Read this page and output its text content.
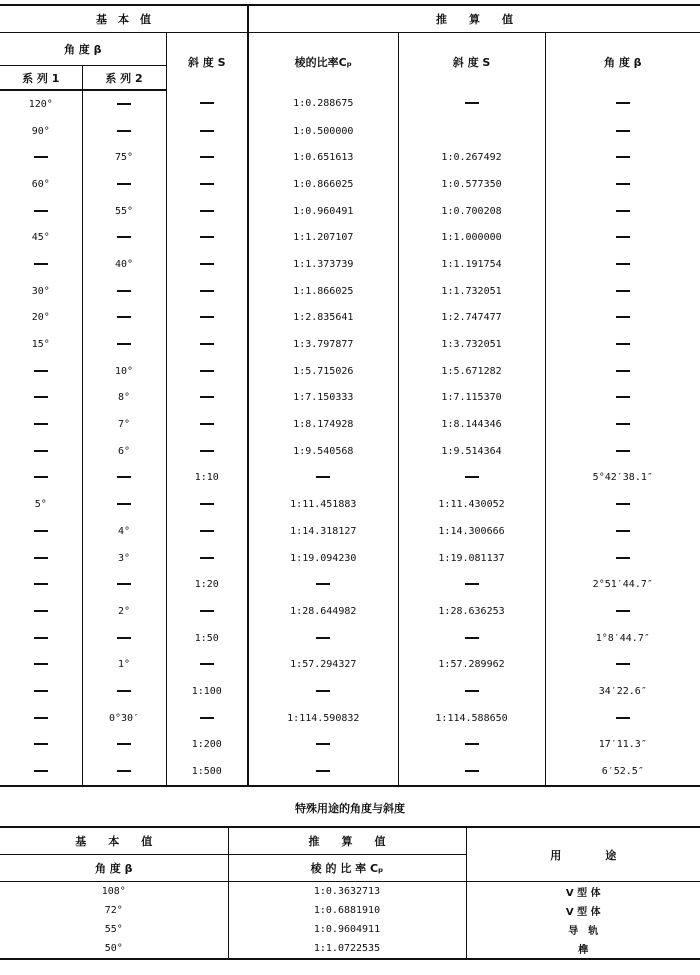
基　本　值			推　　算　　值		
角 度 β		斜 度 S	棱的比率Cₚ	斜 度 S	角 度 β
系 列 1	系 列 2				
120°			1:0.288675		
90°			1:0.500000		
	75°		1:0.651613	1:0.267492	
60°			1:0.866025	1:0.577350	
	55°		1:0.960491	1:0.700208	
45°			1:1.207107	1:1.000000	
	40°		1:1.373739	1:1.191754	
30°			1:1.866025	1:1.732051	
20°			1:2.835641	1:2.747477	
15°			1:3.797877	1:3.732051	
	10°		1:5.715026	1:5.671282	
	8°		1:7.150333	1:7.115370	
	7°		1:8.174928	1:8.144346	
	6°		1:9.540568	1:9.514364	
		1:10			5°42′38.1″
5°			1:11.451883	1:11.430052	
	4°		1:14.318127	1:14.300666	
	3°		1:19.094230	1:19.081137	
		1:20			2°51′44.7″
	2°		1:28.644982	1:28.636253	
		1:50			1°8′44.7″
	1°		1:57.294327	1:57.289962	
		1:100			34′22.6″
	0°30′		1:114.590832	1:114.588650	
		1:200			17′11.3″
		1:500			6′52.5″
特殊用途的角度与斜度
基　　本　　值	推　　算　　值	用　　　　途
角 度 β	棱 的 比 率 Cₚ	
108°	1:0.3632713	V 型 体
72°	1:0.6881910	V 型 体
55°	1:0.9604911	导　轨
50°	1:1.0722535	榫
